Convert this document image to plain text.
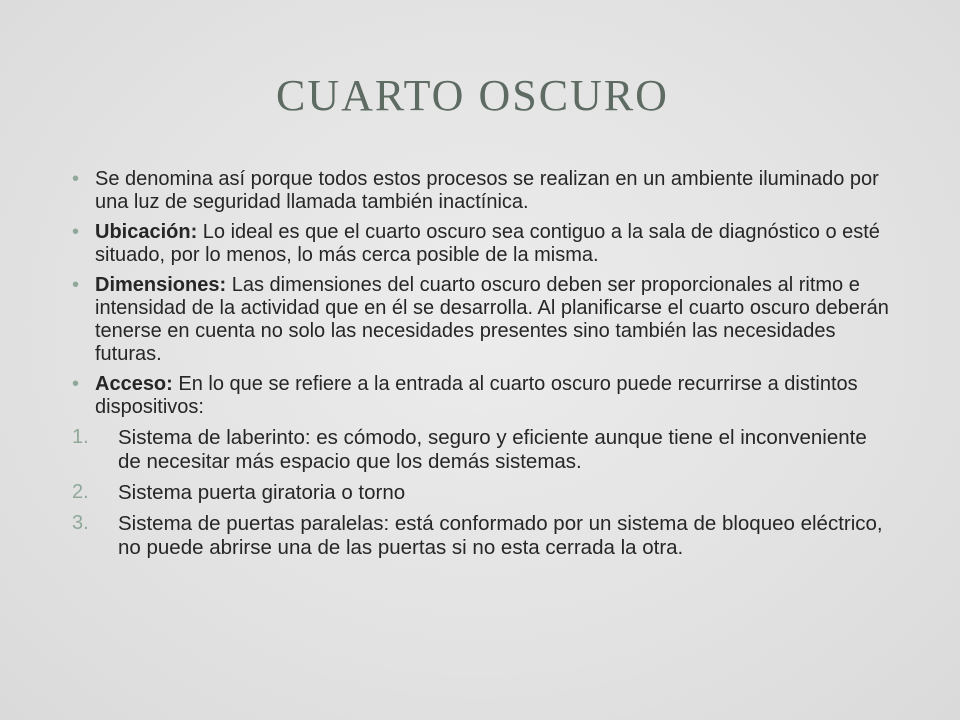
CUARTO OSCURO
• Se denomina así porque todos estos procesos se realizan en un ambiente iluminado por una luz de seguridad llamada también inactínica.
• Ubicación: Lo ideal es que el cuarto oscuro sea contiguo a la sala de diagnóstico o esté situado, por lo menos, lo más cerca posible de la misma.
• Dimensiones: Las dimensiones del cuarto oscuro deben ser proporcionales al ritmo e intensidad de la actividad que en él se desarrolla. Al planificarse el cuarto oscuro deberán tenerse en cuenta no solo las necesidades presentes sino también las necesidades futuras.
• Acceso: En lo que se refiere a la entrada al cuarto oscuro puede recurrirse a distintos dispositivos:
1. Sistema de laberinto: es cómodo, seguro y eficiente aunque tiene el inconveniente de necesitar más espacio que los demás sistemas.
2. Sistema puerta giratoria o torno
3. Sistema de puertas paralelas: está conformado por un sistema de bloqueo eléctrico, no puede abrirse una de las puertas si no esta cerrada la otra.
